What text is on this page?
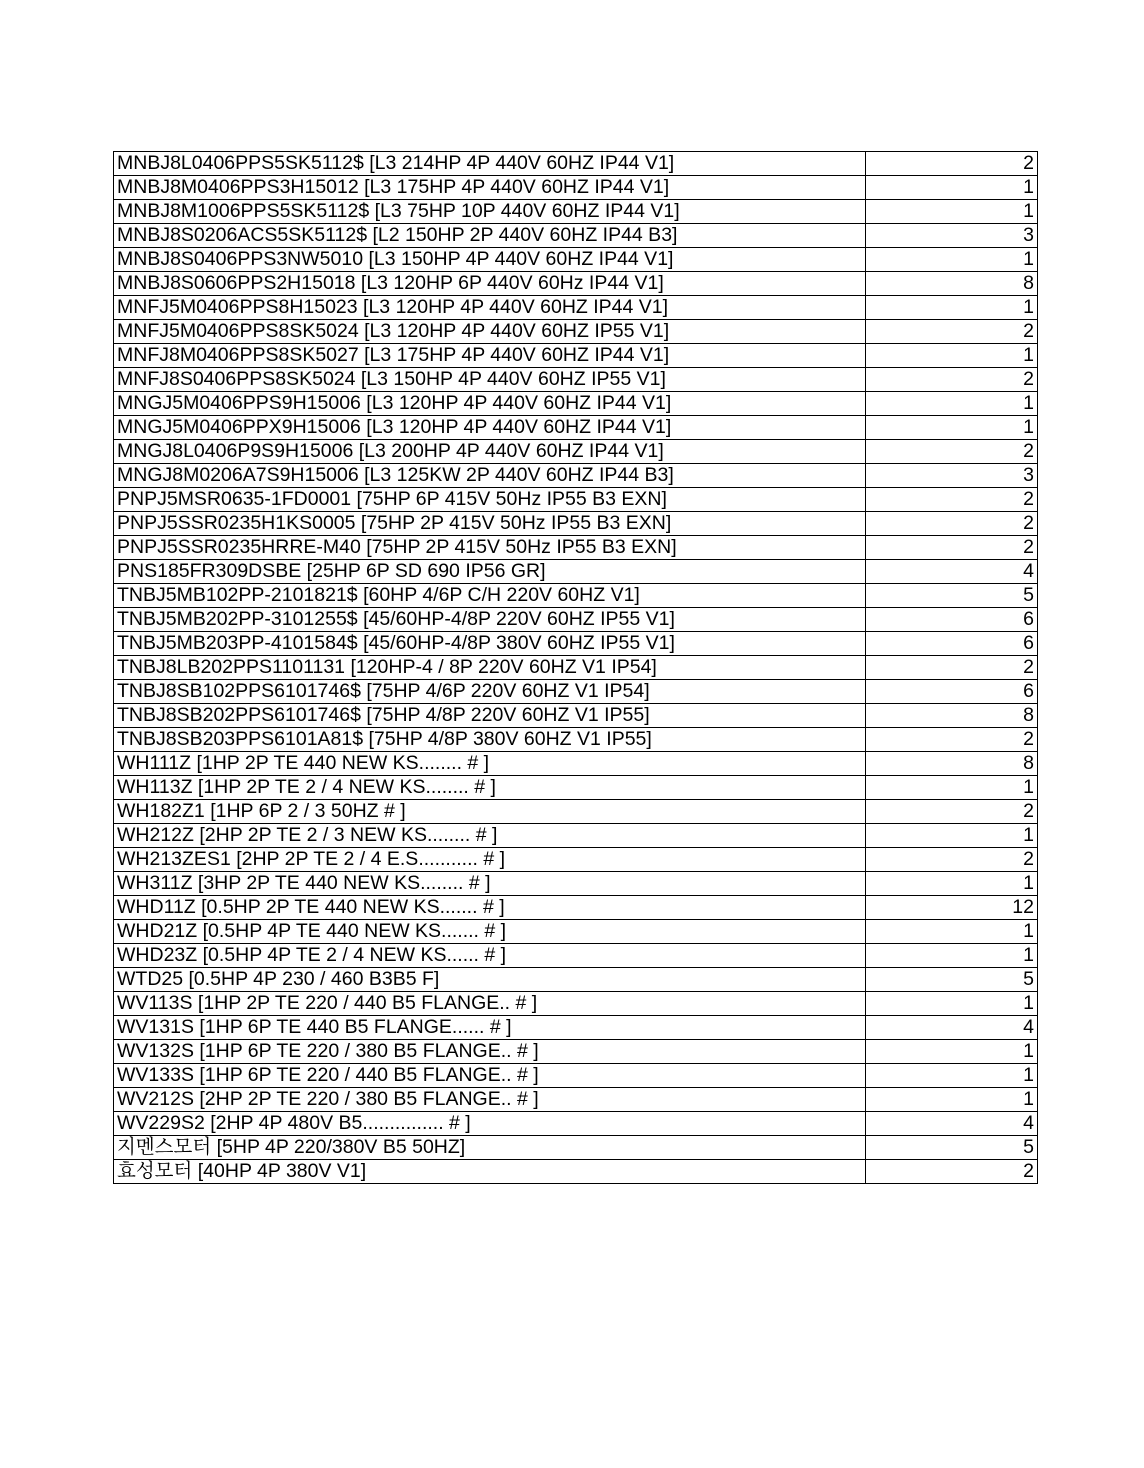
MNBJ8L0406PPS5SK5112$ [L3 214HP 4P 440V 60HZ IP44 V1]	2
MNBJ8M0406PPS3H15012 [L3 175HP 4P 440V 60HZ IP44 V1]	1
MNBJ8M1006PPS5SK5112$ [L3 75HP 10P 440V 60HZ IP44 V1]	1
MNBJ8S0206ACS5SK5112$ [L2 150HP 2P 440V 60HZ IP44 B3]	3
MNBJ8S0406PPS3NW5010 [L3 150HP 4P 440V 60HZ IP44 V1]	1
MNBJ8S0606PPS2H15018 [L3 120HP 6P 440V 60Hz IP44 V1]	8
MNFJ5M0406PPS8H15023 [L3 120HP 4P 440V 60HZ IP44 V1]	1
MNFJ5M0406PPS8SK5024 [L3 120HP 4P 440V 60HZ IP55 V1]	2
MNFJ8M0406PPS8SK5027 [L3 175HP 4P 440V 60HZ IP44 V1]	1
MNFJ8S0406PPS8SK5024 [L3 150HP 4P 440V 60HZ IP55 V1]	2
MNGJ5M0406PPS9H15006 [L3 120HP 4P 440V 60HZ IP44 V1]	1
MNGJ5M0406PPX9H15006 [L3 120HP 4P 440V 60HZ IP44 V1]	1
MNGJ8L0406P9S9H15006 [L3 200HP 4P 440V 60HZ IP44 V1]	2
MNGJ8M0206A7S9H15006 [L3 125KW 2P 440V 60HZ IP44 B3]	3
PNPJ5MSR0635-1FD0001 [75HP 6P 415V 50Hz IP55 B3 EXN]	2
PNPJ5SSR0235H1KS0005 [75HP 2P 415V 50Hz IP55 B3 EXN]	2
PNPJ5SSR0235HRRE-M40 [75HP 2P 415V 50Hz IP55 B3 EXN]	2
PNS185FR309DSBE [25HP 6P SD 690 IP56 GR]	4
TNBJ5MB102PP-2101821$ [60HP 4/6P C/H 220V 60HZ V1]	5
TNBJ5MB202PP-3101255$ [45/60HP-4/8P 220V 60HZ IP55 V1]	6
TNBJ5MB203PP-4101584$ [45/60HP-4/8P 380V 60HZ IP55 V1]	6
TNBJ8LB202PPS1101131 [120HP-4 / 8P 220V 60HZ V1 IP54]	2
TNBJ8SB102PPS6101746$ [75HP 4/6P 220V 60HZ V1 IP54]	6
TNBJ8SB202PPS6101746$ [75HP 4/8P 220V 60HZ V1 IP55]	8
TNBJ8SB203PPS6101A81$ [75HP 4/8P 380V 60HZ V1 IP55]	2
WH111Z [1HP 2P TE 440 NEW KS........ # ]	8
WH113Z [1HP 2P TE 2 / 4 NEW KS........ # ]	1
WH182Z1 [1HP 6P 2 / 3 50HZ # ]	2
WH212Z [2HP 2P TE 2 / 3 NEW KS........ # ]	1
WH213ZES1 [2HP 2P TE 2 / 4 E.S........... # ]	2
WH311Z [3HP 2P TE 440 NEW KS........ # ]	1
WHD11Z [0.5HP 2P TE 440 NEW KS....... # ]	12
WHD21Z [0.5HP 4P TE 440 NEW KS....... # ]	1
WHD23Z [0.5HP 4P TE 2 / 4 NEW KS...... # ]	1
WTD25 [0.5HP 4P 230 / 460 B3B5 F]	5
WV113S [1HP 2P TE 220 / 440 B5 FLANGE.. # ]	1
WV131S [1HP 6P TE 440 B5 FLANGE...... # ]	4
WV132S [1HP 6P TE 220 / 380 B5 FLANGE.. # ]	1
WV133S [1HP 6P TE 220 / 440 B5 FLANGE.. # ]	1
WV212S [2HP 2P TE 220 / 380 B5 FLANGE.. # ]	1
WV229S2 [2HP 4P 480V B5............... # ]	4
지멘스모터 [5HP 4P 220/380V B5 50HZ]	5
효성모터 [40HP 4P 380V V1]	2
